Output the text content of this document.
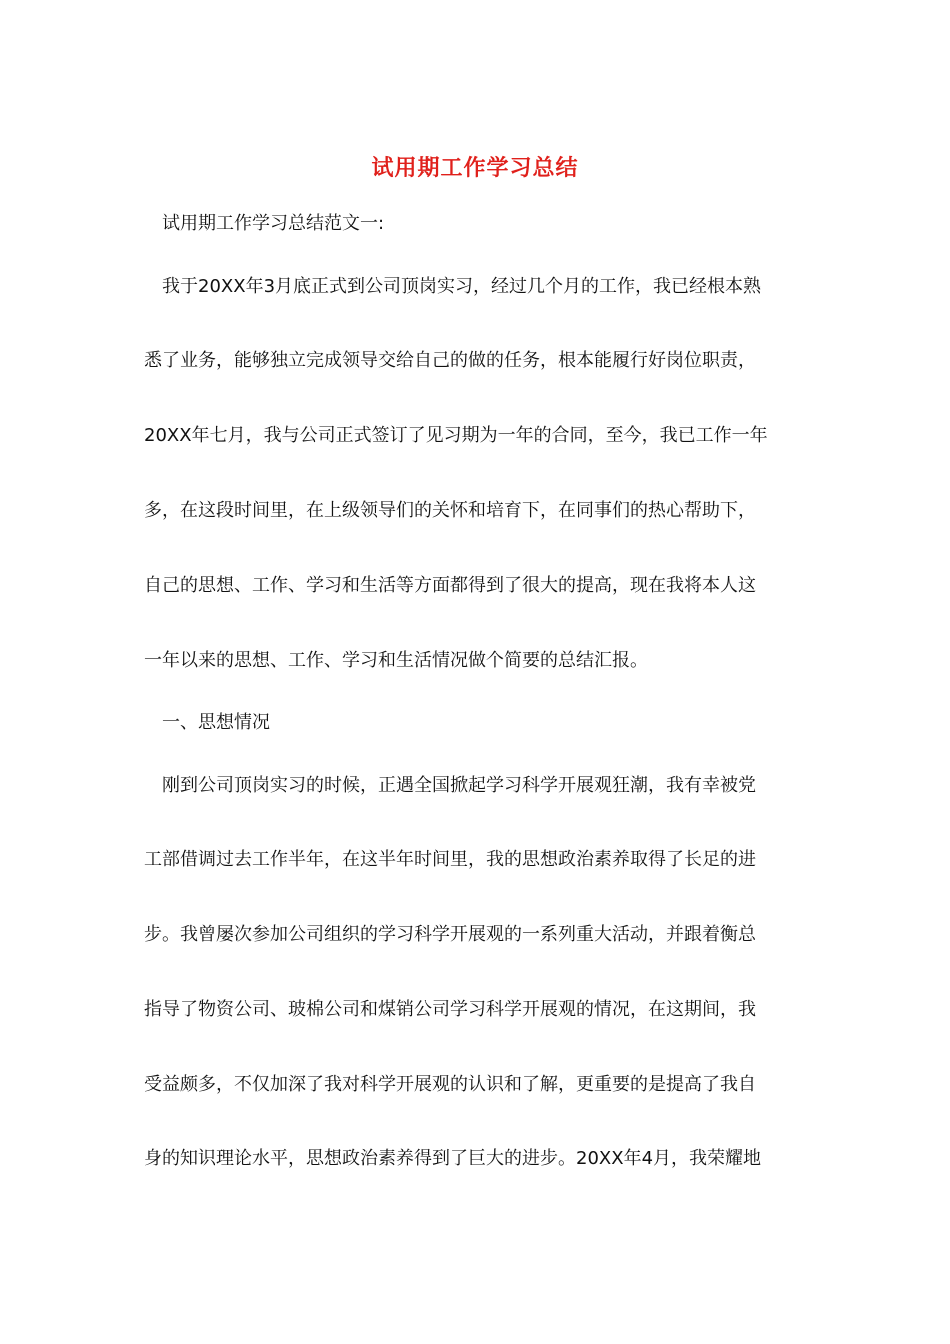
试用期工作学习总结
试用期工作学习总结范文一:
我于20XX年3月底正式到公司顶岗实习，经过几个月的工作，我已经根本熟
悉了业务，能够独立完成领导交给自己的做的任务，根本能履行好岗位职责，
20XX年七月，我与公司正式签订了见习期为一年的合同，至今，我已工作一年
多，在这段时间里，在上级领导们的关怀和培育下，在同事们的热心帮助下，
自己的思想、工作、学习和生活等方面都得到了很大的提高，现在我将本人这
一年以来的思想、工作、学习和生活情况做个简要的总结汇报。
一、思想情况
刚到公司顶岗实习的时候，正遇全国掀起学习科学开展观狂潮，我有幸被党
工部借调过去工作半年，在这半年时间里，我的思想政治素养取得了长足的进
步。我曾屡次参加公司组织的学习科学开展观的一系列重大活动，并跟着衡总
指导了物资公司、玻棉公司和煤销公司学习科学开展观的情况，在这期间，我
受益颇多，不仅加深了我对科学开展观的认识和了解，更重要的是提高了我自
身的知识理论水平，思想政治素养得到了巨大的进步。20XX年4月，我荣耀地
